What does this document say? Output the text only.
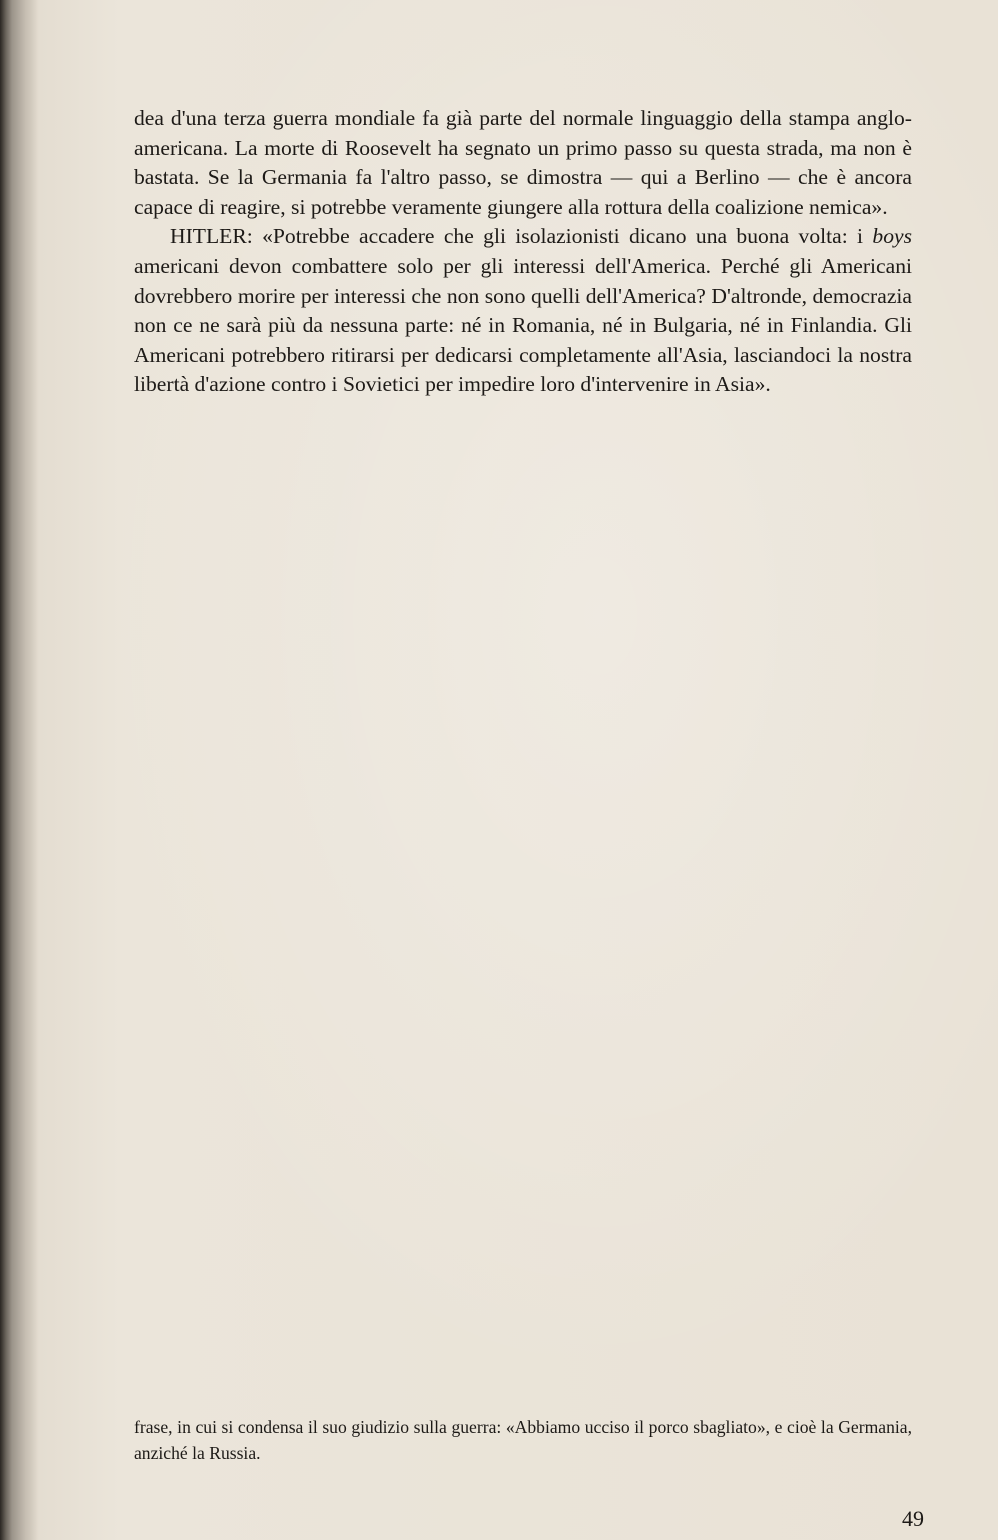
dea d'una terza guerra mondiale fa già parte del normale linguaggio della stampa anglo-americana. La morte di Roosevelt ha segnato un primo passo su questa strada, ma non è bastata. Se la Germania fa l'altro passo, se dimostra — qui a Berlino — che è ancora capace di reagire, si potrebbe veramente giungere alla rottura della coalizione nemica».

HITLER: «Potrebbe accadere che gli isolazionisti dicano una buona volta: i boys americani devon combattere solo per gli interessi dell'America. Perché gli Americani dovrebbero morire per interessi che non sono quelli dell'America? D'altronde, democrazia non ce ne sarà più da nessuna parte: né in Romania, né in Bulgaria, né in Finlandia. Gli Americani potrebbero ritirarsi per dedicarsi completamente all'Asia, lasciandoci la nostra libertà d'azione contro i Sovietici per impedire loro d'intervenire in Asia».

frase, in cui si condensa il suo giudizio sulla guerra: «Abbiamo ucciso il porco sbagliato», e cioè la Germania, anziché la Russia.

49
